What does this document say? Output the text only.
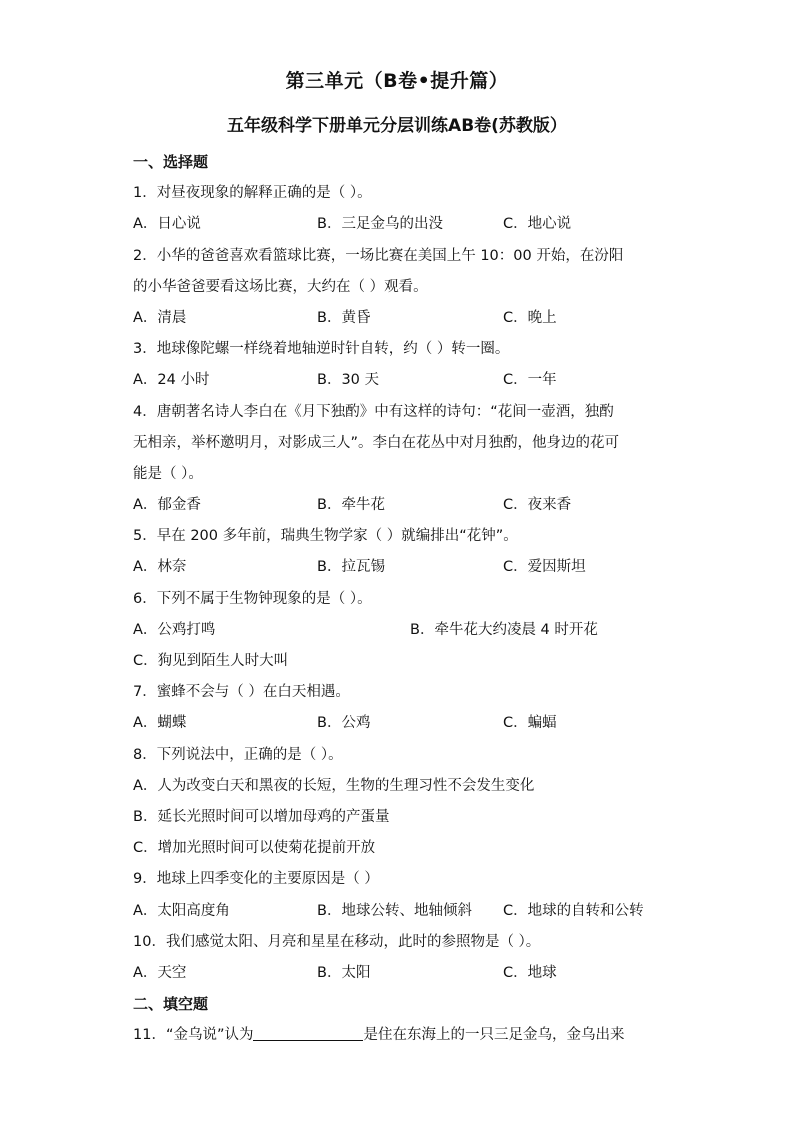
第三单元（B卷•提升篇）
五年级科学下册单元分层训练AB卷(苏教版）
一、选择题
1．对昼夜现象的解释正确的是（ ）。
A．日心说	B．三足金乌的出没	C．地心说
2．小华的爸爸喜欢看篮球比赛，一场比赛在美国上午 10：00 开始，在汾阳
的小华爸爸要看这场比赛，大约在（ ）观看。
A．清晨	B．黄昏	C．晚上
3．地球像陀螺一样绕着地轴逆时针自转，约（ ）转一圈。
A．24 小时	B．30 天	C．一年
4．唐朝著名诗人李白在《月下独酌》中有这样的诗句：“花间一壶酒，独酌
无相亲，举杯邀明月，对影成三人”。李白在花丛中对月独酌，他身边的花可
能是（ ）。
A．郁金香	B．牵牛花	C．夜来香
5．早在 200 多年前，瑞典生物学家（ ）就编排出“花钟”。
A．林奈	B．拉瓦锡	C．爱因斯坦
6．下列不属于生物钟现象的是（ ）。
A．公鸡打鸣	B．牵牛花大约凌晨 4 时开花
C．狗见到陌生人时大叫
7．蜜蜂不会与（ ）在白天相遇。
A．蝴蝶	B．公鸡	C．蝙蝠
8．下列说法中，正确的是（ ）。
A．人为改变白天和黑夜的长短，生物的生理习性不会发生变化
B．延长光照时间可以增加母鸡的产蛋量
C．增加光照时间可以使菊花提前开放
9．地球上四季变化的主要原因是（ ）
A．太阳高度角	B．地球公转、地轴倾斜 C．地球的自转和公转
10．我们感觉太阳、月亮和星星在移动，此时的参照物是（ ）。
A．天空	B．太阳	C．地球
二、填空题
11．“金乌说”认为	是住在东海上的一只三足金乌，金乌出来
